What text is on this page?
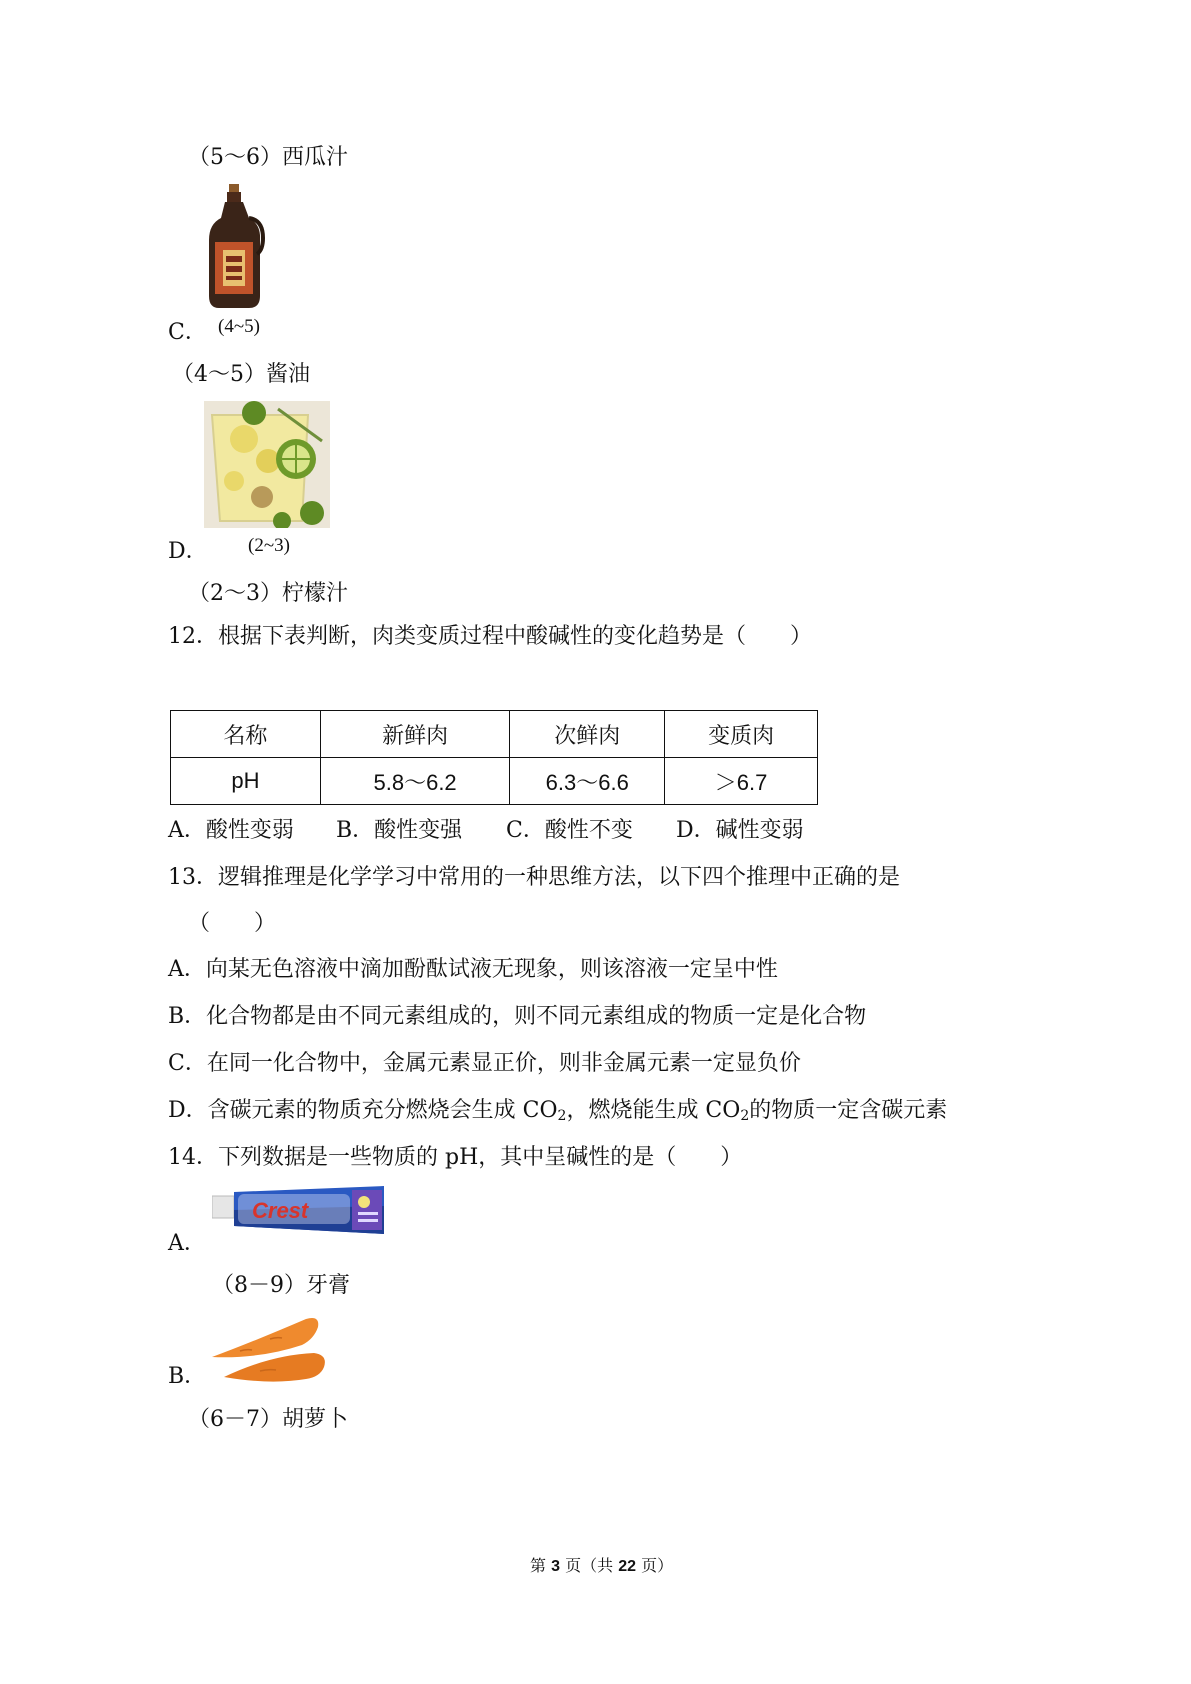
（5～6）西瓜汁
C． (4~5)
（4～5）酱油
D． (2~3)
（2～3）柠檬汁
12．根据下表判断，肉类变质过程中酸碱性的变化趋势是（　　）
名称	新鲜肉	次鲜肉	变质肉
pH	5.8～6.2	6.3～6.6	＞6.7
A．酸性变弱 B．酸性变强 C．酸性不变 D．碱性变弱
13．逻辑推理是化学学习中常用的一种思维方法，以下四个推理中正确的是
（　　）
A．向某无色溶液中滴加酚酞试液无现象，则该溶液一定呈中性
B．化合物都是由不同元素组成的，则不同元素组成的物质一定是化合物
C．在同一化合物中，金属元素显正价，则非金属元素一定显负价
D．含碳元素的物质充分燃烧会生成 $CO_2$，燃烧能生成 $CO_2$的物质一定含碳元素
14．下列数据是一些物质的 pH，其中呈碱性的是（　　）
Crest
A．
（8－9）牙膏
B．
（6－7）胡萝卜
第 3 页（共 22 页）
